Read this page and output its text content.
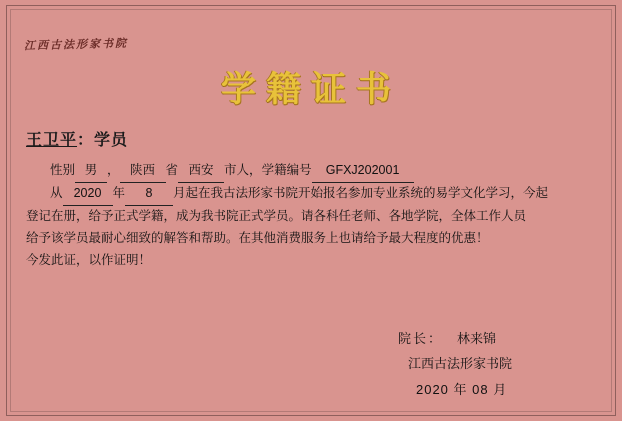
江西古法形家书院
学籍证书
王卫平：学员
性别 男 ， 陕西 省 西安 市人，学籍编号 GFXJ202001
从 2020 年 8 月起在我古法形家书院开始报名参加专业系统的易学文化学习，今起
登记在册，给予正式学籍，成为我书院正式学员。请各科任老师、各地学院，全体工作人员
给予该学员最耐心细致的解答和帮助。在其他消费服务上也请给予最大程度的优惠！
今发此证，以作证明！
院长： 林来锦
江西古法形家书院
2020 年 08 月
